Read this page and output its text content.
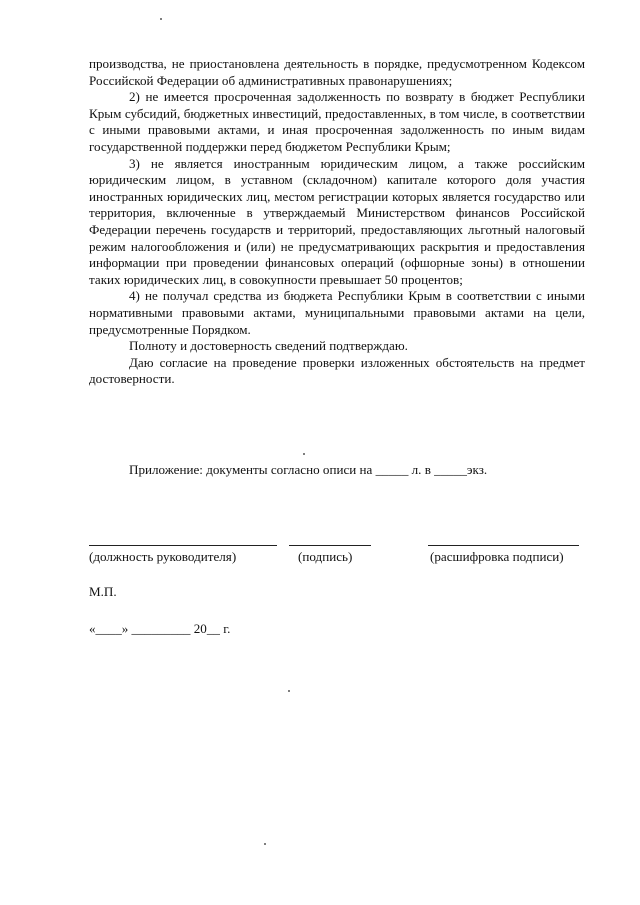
производства, не приостановлена деятельность в порядке, предусмотренном Кодексом Российской Федерации об административных правонарушениях;

2) не имеется просроченная задолженность по возврату в бюджет Республики Крым субсидий, бюджетных инвестиций, предоставленных, в том числе, в соответствии с иными правовыми актами, и иная просроченная задолженность по иным видам государственной поддержки перед бюджетом Республики Крым;

3) не является иностранным юридическим лицом, а также российским юридическим лицом, в уставном (складочном) капитале которого доля участия иностранных юридических лиц, местом регистрации которых является государство или территория, включенные в утверждаемый Министерством финансов Российской Федерации перечень государств и территорий, предоставляющих льготный налоговый режим налогообложения и (или) не предусматривающих раскрытия и предоставления информации при проведении финансовых операций (офшорные зоны) в отношении таких юридических лиц, в совокупности превышает 50 процентов;

4) не получал средства из бюджета Республики Крым в соответствии с иными нормативными правовыми актами, муниципальными правовыми актами на цели, предусмотренные Порядком.

Полноту и достоверность сведений подтверждаю.

Даю согласие на проведение проверки изложенных обстоятельств на предмет достоверности.

Приложение: документы согласно описи на _____ л. в _____экз.
(должность руководителя)	(подпись)	(расшифровка подписи)
М.П.
«____» _________ 20__ г.
